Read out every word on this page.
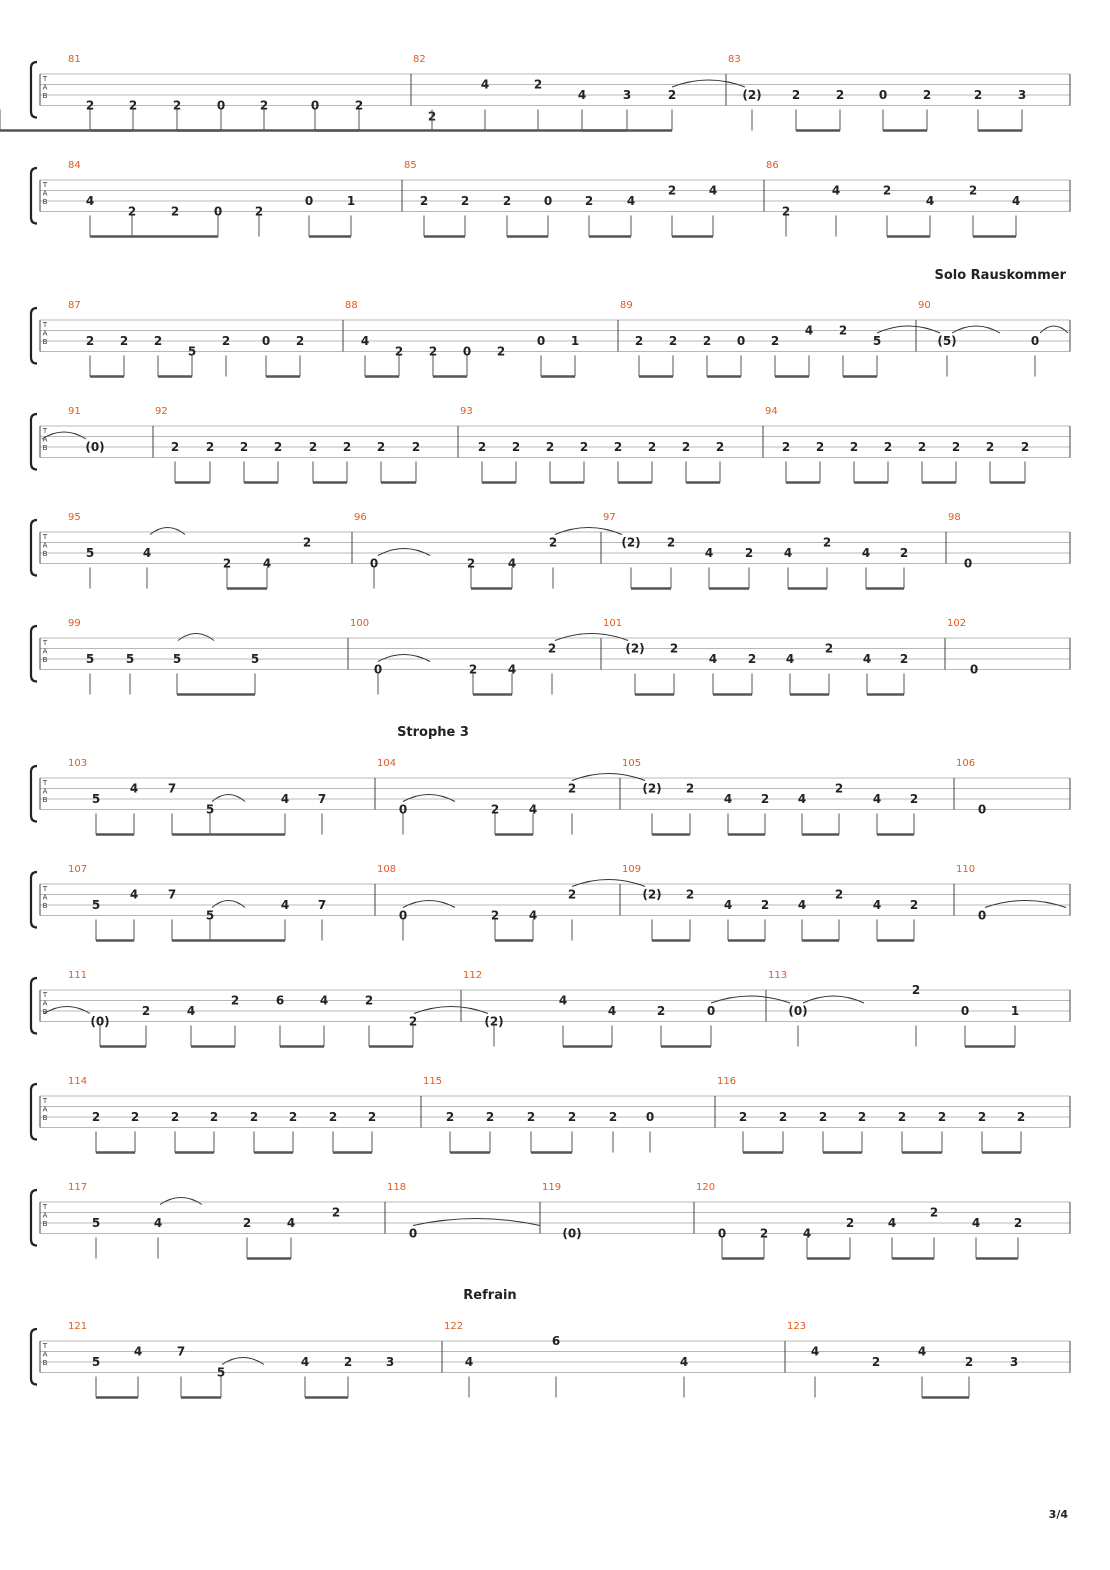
T
A
B
81
2	2	2	0	2	0	2
82
2
4	2
4	3	2
83
(2)	2	2	0	2	2	3
T
A
B
84
4
2	2	0	2
0	1
85
2	2	2	0	2	4
2	4
86
2
4	2
4
2
4
T
A
B
87
2 2 2
5
2	0 2
88
4
2 2 0 2
0 1
89
2 2 2 0 2
4 2
5
90
(5)	0
T
A
B
91
(0)
92
2 2 2 2 2 2 2 2
93
2 2 2 2 2 2 2 2
94
2 2 2 2 2 2 2 2
T
A
B
95
5	4
2	4
2
96
0	2	4
2
97
(2) 2
4	2	4
2
4 2
98
0
T
A
B
99
5	5	5	5
100
0	2	4
2
101
(2) 2
4	2 4
2
4 2
102
0
T
A
B
103
5
4 7
5
4 7
104
0	2 4
2
105
(2) 2
4 2 4
2
4 2
106
0
T
A
B
107
5
4 7
5
4 7
108
0	2 4
2
109
(2) 2
4 2 4
2
4 2
110
0
T
A
B
111
(0)
2	4
2	6	4	2
2
112
(2)
4
4	2	0
113
(0)
2
0	1
T
A
B
114
2	2	2	2	2	2	2	2
115
2	2	2	2	2 0
116
2	2	2	2	2	2	2	2
T
A
B
117
5	4	2	4
2
118
0
119
(0)
120
0	2	4
2	4
2
4	2
T
A
B
121
5
4	7
5
4	2	3
122
4
6
4
123
4
2
4
2	3
Solo Rauskommer
Strophe 3
Refrain
3/4
